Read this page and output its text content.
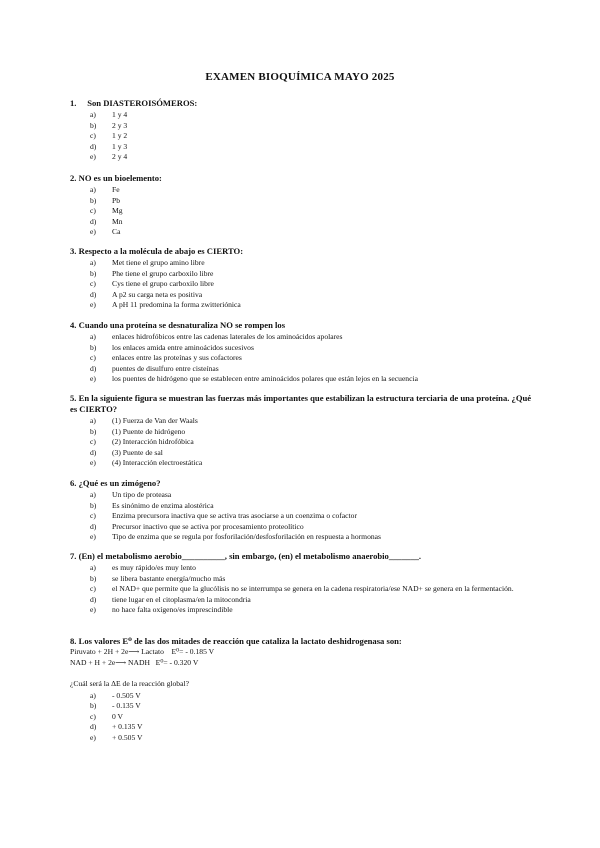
EXAMEN BIOQUÍMICA MAYO 2025
1. Son DIASTEROISÓMEROS:
a)	1 y 4
b)	2 y 3
c)	1 y 2
d)	1 y 3
e)	2 y 4
2. NO es un bioelemento:
a)	Fe
b)	Pb
c)	Mg
d)	Mn
e)	Ca
3. Respecto a la molécula de abajo es CIERTO:
a)	Met tiene el grupo amino libre
b)	Phe tiene el grupo carboxilo libre
c)	Cys tiene el grupo carboxilo libre
d)	A p2 su carga neta es positiva
e)	A pH 11 predomina la forma zwitteriónica
4. Cuando una proteína se desnaturaliza NO se rompen los
a)	enlaces hidrofóbicos entre las cadenas laterales de los aminoácidos apolares
b)	los enlaces amida entre aminoácidos sucesivos
c)	enlaces entre las proteínas y sus cofactores
d)	puentes de disulfuro entre cisteínas
e)	los puentes de hidrógeno que se establecen entre aminoácidos polares que están lejos en la secuencia
5. En la siguiente figura se muestran las fuerzas más importantes que estabilizan la estructura terciaria de una proteína. ¿Qué es CIERTO?
a)	(1) Fuerza de Van der Waals
b)	(1) Puente de hidrógeno
c)	(2) Interacción hidrofóbica
d)	(3) Puente de sal
e)	(4) Interacción electroestática
6. ¿Qué es un zimógeno?
a)	Un tipo de proteasa
b)	Es sinónimo de enzima alostérica
c)	Enzima precursora inactiva que se activa tras asociarse a un coenzima o cofactor
d)	Precursor inactivo que se activa por procesamiento proteolítico
e)	Tipo de enzima que se regula por fosforilación/desfosforilación en respuesta a hormonas
7. (En) el metabolismo aerobio__________, sin embargo, (en) el metabolismo anaerobio_______.
a)	es muy rápido/es muy lento
b)	se libera bastante energía/mucho más
c)	el NAD+ que permite que la glucólisis no se interrumpa se genera en la cadena respiratoria/ese NAD+ se genera en la fermentación.
d)	tiene lugar en el citoplasma/en la mitocondria
e)	no hace falta oxígeno/es imprescindible
8. Los valores E⁰ de las dos mitades de reacción que cataliza la lactato deshidrogenasa son:
Piruvato + 2H + 2e⟶ Lactato    E⁰= - 0.185 V
NAD + H + 2e⟶ NADH   E⁰= - 0.320 V
¿Cuál será la ΔE de la reacción global?
a)	- 0.505 V
b)	- 0.135 V
c)	0 V
d)	+ 0.135 V
e)	+ 0.505 V
